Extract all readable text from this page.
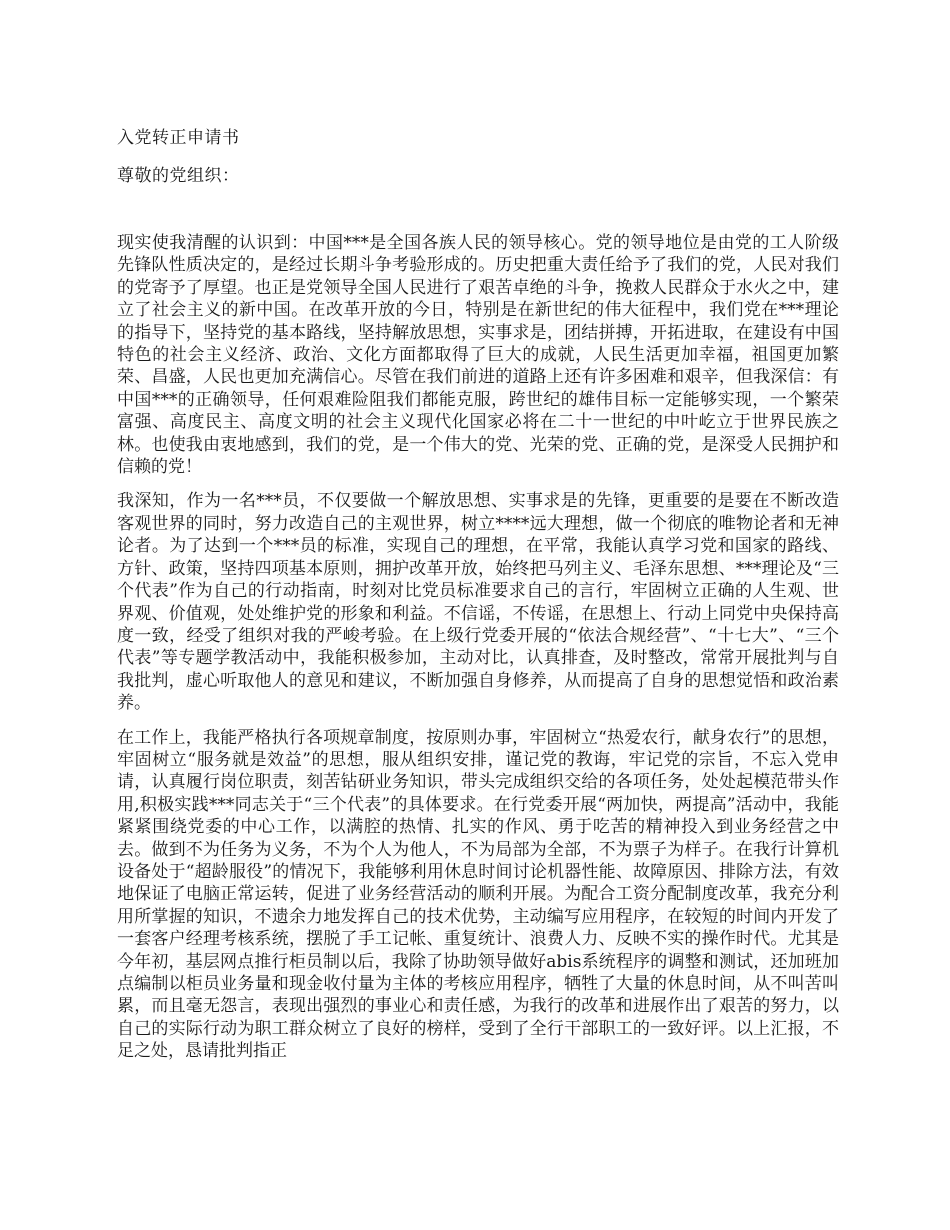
入党转正申请书
尊敬的党组织：

现实使我清醒的认识到：中国***是全国各族人民的领导核心。党的领导地位是由党的工人阶级先锋队性质决定的，是经过长期斗争考验形成的。历史把重大责任给予了我们的党，人民对我们的党寄予了厚望。也正是党领导全国人民进行了艰苦卓绝的斗争，挽救人民群众于水火之中，建立了社会主义的新中国。在改革开放的今日，特别是在新世纪的伟大征程中，我们党在***理论的指导下，坚持党的基本路线，坚持解放思想，实事求是，团结拼搏，开拓进取，在建设有中国特色的社会主义经济、政治、文化方面都取得了巨大的成就，人民生活更加幸福，祖国更加繁荣、昌盛，人民也更加充满信心。尽管在我们前进的道路上还有许多困难和艰辛，但我深信：有中国***的正确领导，任何艰难险阻我们都能克服，跨世纪的雄伟目标一定能够实现，一个繁荣富强、高度民主、高度文明的社会主义现代化国家必将在二十一世纪的中叶屹立于世界民族之林。也使我由衷地感到，我们的党，是一个伟大的党、光荣的党、正确的党，是深受人民拥护和信赖的党！

我深知，作为一名***员，不仅要做一个解放思想、实事求是的先锋，更重要的是要在不断改造客观世界的同时，努力改造自己的主观世界，树立****远大理想，做一个彻底的唯物论者和无神论者。为了达到一个***员的标准，实现自己的理想，在平常，我能认真学习党和国家的路线、方针、政策，坚持四项基本原则，拥护改革开放，始终把马列主义、毛泽东思想、***理论及“三个代表”作为自己的行动指南，时刻对比党员标准要求自己的言行，牢固树立正确的人生观、世界观、价值观，处处维护党的形象和利益。不信谣，不传谣，在思想上、行动上同党中央保持高度一致，经受了组织对我的严峻考验。在上级行党委开展的“依法合规经营”、“十七大”、“三个代表”等专题学教活动中，我能积极参加，主动对比，认真排查，及时整改，常常开展批判与自我批判，虚心听取他人的意见和建议，不断加强自身修养，从而提高了自身的思想觉悟和政治素养。

在工作上，我能严格执行各项规章制度，按原则办事，牢固树立“热爱农行，献身农行”的思想，牢固树立“服务就是效益”的思想，服从组织安排，谨记党的教诲，牢记党的宗旨，不忘入党申请，认真履行岗位职责，刻苦钻研业务知识，带头完成组织交给的各项任务，处处起模范带头作用,积极实践***同志关于“三个代表”的具体要求。在行党委开展“两加快，两提高”活动中，我能紧紧围绕党委的中心工作，以满腔的热情、扎实的作风、勇于吃苦的精神投入到业务经营之中去。做到不为任务为义务，不为个人为他人，不为局部为全部，不为票子为样子。在我行计算机设备处于“超龄服役”的情况下，我能够利用休息时间讨论机器性能、故障原因、排除方法，有效地保证了电脑正常运转，促进了业务经营活动的顺利开展。为配合工资分配制度改革，我充分利用所掌握的知识，不遗余力地发挥自己的技术优势，主动编写应用程序，在较短的时间内开发了一套客户经理考核系统，摆脱了手工记帐、重复统计、浪费人力、反映不实的操作时代。尤其是今年初，基层网点推行柜员制以后，我除了协助领导做好abis系统程序的调整和测试，还加班加点编制以柜员业务量和现金收付量为主体的考核应用程序，牺牲了大量的休息时间，从不叫苦叫累，而且毫无怨言，表现出强烈的事业心和责任感，为我行的改革和进展作出了艰苦的努力，以自己的实际行动为职工群众树立了良好的榜样，受到了全行干部职工的一致好评。以上汇报，不足之处，恳请批判指正
